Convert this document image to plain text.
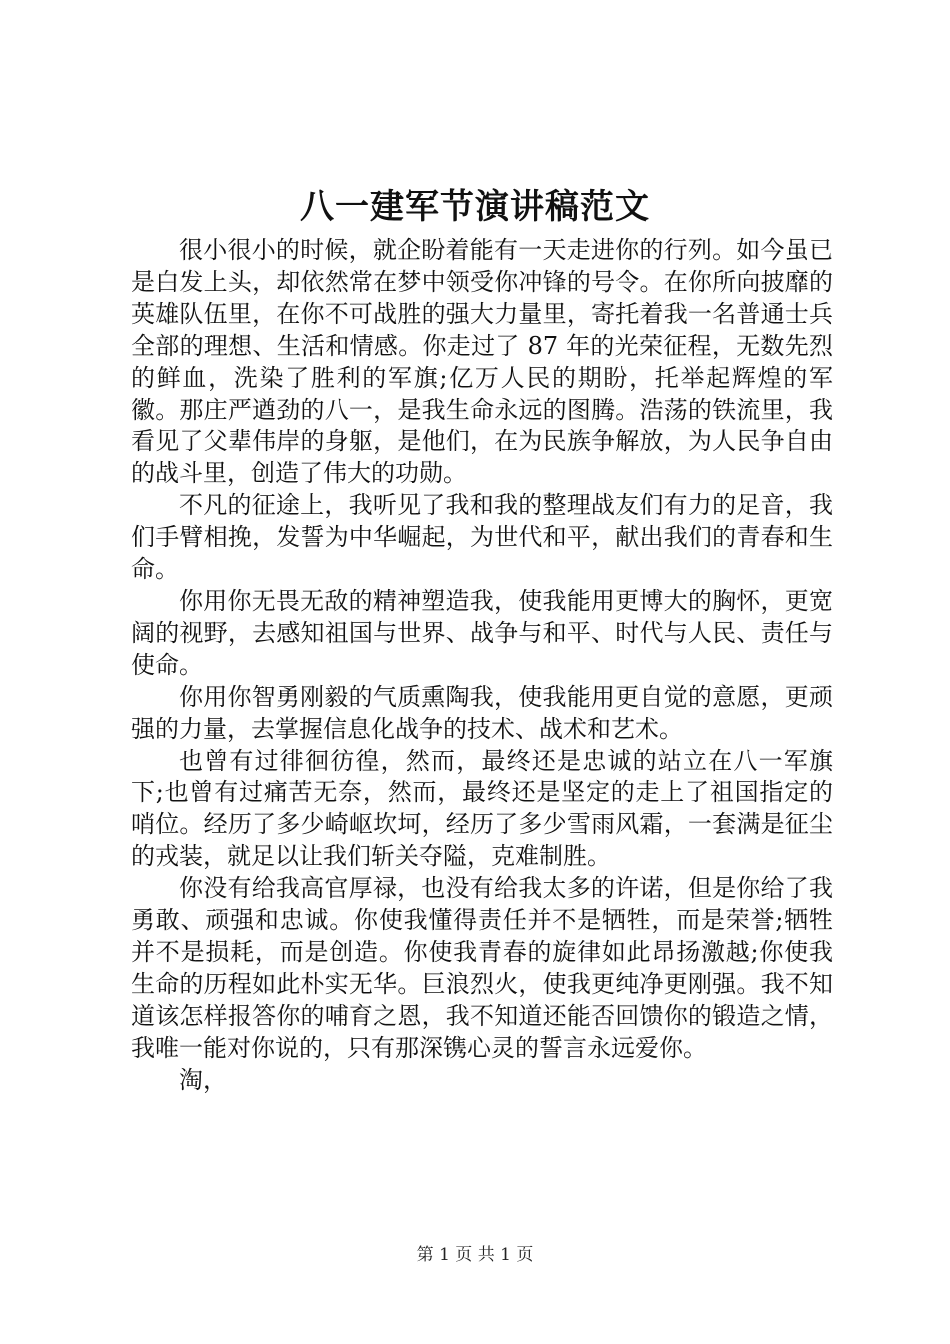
八一建军节演讲稿范文

很小很小的时候，就企盼着能有一天走进你的行列。如今虽已是白发上头，却依然常在梦中领受你冲锋的号令。在你所向披靡的英雄队伍里，在你不可战胜的强大力量里，寄托着我一名普通士兵全部的理想、生活和情感。你走过了 87 年的光荣征程，无数先烈的鲜血，洗染了胜利的军旗;亿万人民的期盼，托举起辉煌的军徽。那庄严遒劲的八一，是我生命永远的图腾。浩荡的铁流里，我看见了父辈伟岸的身躯，是他们，在为民族争解放，为人民争自由的战斗里，创造了伟大的功勋。

不凡的征途上，我听见了我和我的整理战友们有力的足音，我们手臂相挽，发誓为中华崛起，为世代和平，献出我们的青春和生命。

你用你无畏无敌的精神塑造我，使我能用更博大的胸怀，更宽阔的视野，去感知祖国与世界、战争与和平、时代与人民、责任与使命。

你用你智勇刚毅的气质熏陶我，使我能用更自觉的意愿，更顽强的力量，去掌握信息化战争的技术、战术和艺术。

也曾有过徘徊彷徨，然而，最终还是忠诚的站立在八一军旗下;也曾有过痛苦无奈，然而，最终还是坚定的走上了祖国指定的哨位。经历了多少崎岖坎坷，经历了多少雪雨风霜，一套满是征尘的戎装，就足以让我们斩关夺隘，克难制胜。

你没有给我高官厚禄，也没有给我太多的许诺，但是你给了我勇敢、顽强和忠诚。你使我懂得责任并不是牺牲，而是荣誉;牺牲并不是损耗，而是创造。你使我青春的旋律如此昂扬激越;你使我生命的历程如此朴实无华。巨浪烈火，使我更纯净更刚强。我不知道该怎样报答你的哺育之恩，我不知道还能否回馈你的锻造之情，我唯一能对你说的，只有那深镌心灵的誓言永远爱你。

淘，

第 1 页 共 1 页
